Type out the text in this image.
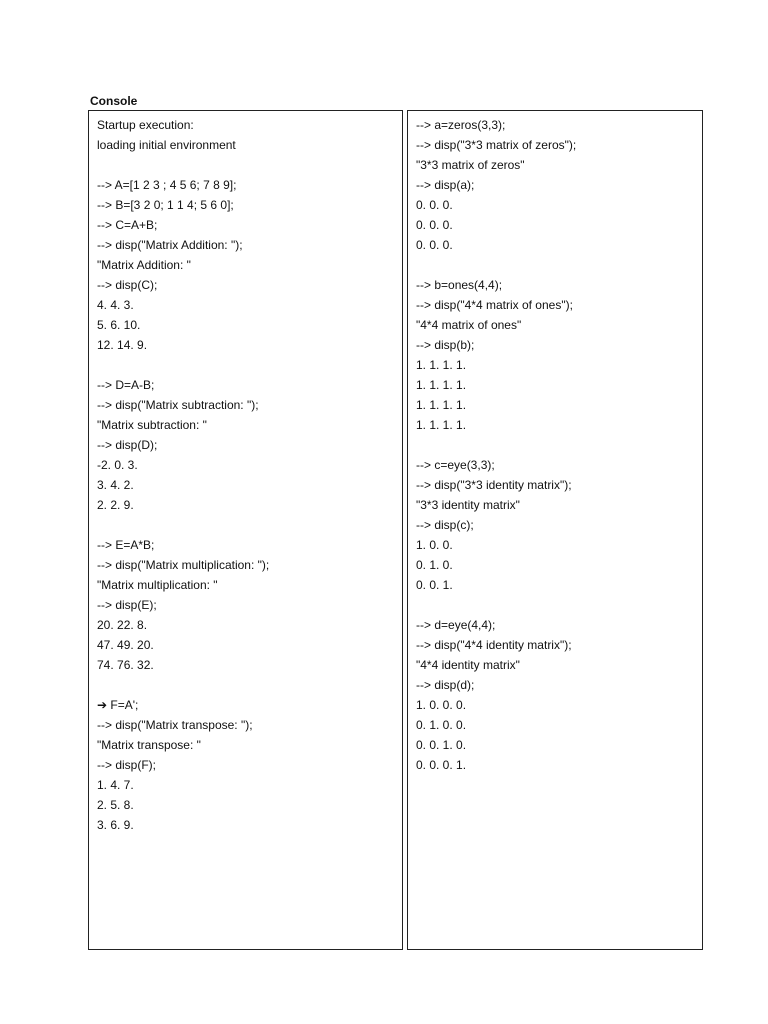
Console
Startup execution:
loading initial environment
--> A=[1 2 3 ; 4 5 6; 7 8 9];
--> B=[3 2 0; 1 1 4; 5 6 0];
--> C=A+B;
--> disp("Matrix Addition: ");
"Matrix Addition: "
--> disp(C);
4. 4. 3.
5. 6. 10.
12. 14. 9.
--> D=A-B;
--> disp("Matrix subtraction: ");
"Matrix subtraction: "
--> disp(D);
-2. 0. 3.
3. 4. 2.
2. 2. 9.
--> E=A*B;
--> disp("Matrix multiplication: ");
"Matrix multiplication: "
--> disp(E);
20. 22. 8.
47. 49. 20.
74. 76. 32.
➔ F=A';
--> disp("Matrix transpose: ");
"Matrix transpose: "
--> disp(F);
1. 4. 7.
2. 5. 8.
3. 6. 9.
--> a=zeros(3,3);
--> disp("3*3 matrix of zeros");
"3*3 matrix of zeros"
--> disp(a);
0. 0. 0.
0. 0. 0.
0. 0. 0.
--> b=ones(4,4);
--> disp("4*4 matrix of ones");
"4*4 matrix of ones"
--> disp(b);
1. 1. 1. 1.
1. 1. 1. 1.
1. 1. 1. 1.
1. 1. 1. 1.
--> c=eye(3,3);
--> disp("3*3 identity matrix");
"3*3 identity matrix"
--> disp(c);
1. 0. 0.
0. 1. 0.
0. 0. 1.
--> d=eye(4,4);
--> disp("4*4 identity matrix");
"4*4 identity matrix"
--> disp(d);
1. 0. 0. 0.
0. 1. 0. 0.
0. 0. 1. 0.
0. 0. 0. 1.
